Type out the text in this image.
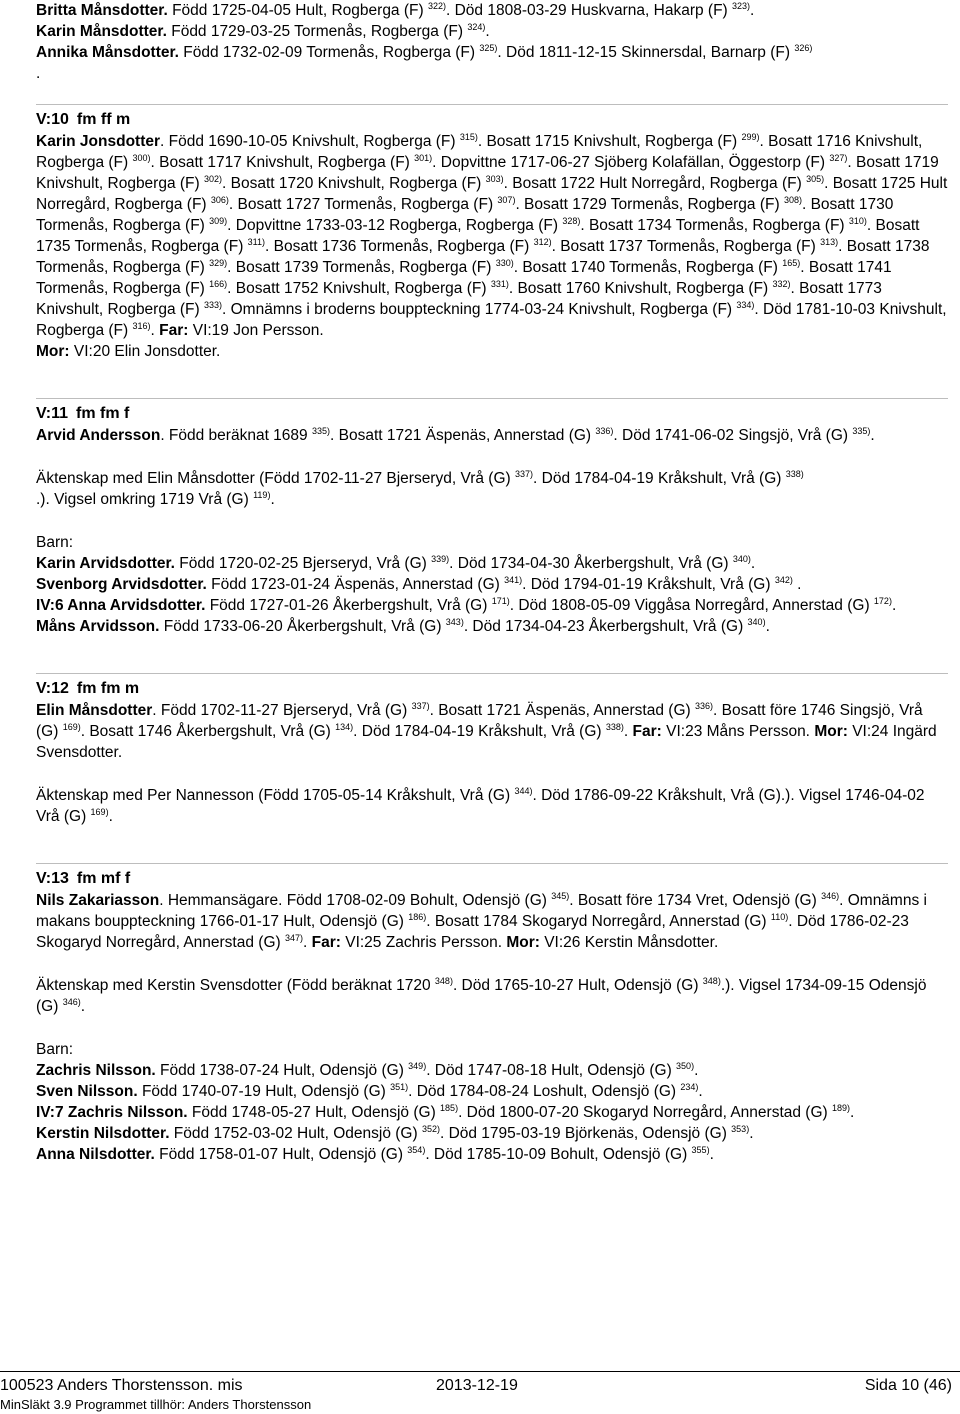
Britta Månsdotter. Född 1725-04-05 Hult, Rogberga (F) $^{322)}$. Död 1808-03-29 Huskvarna, Hakarp (F) $^{323)}$.

Karin Månsdotter. Född 1729-03-25 Tormenås, Rogberga (F) $^{324)}$.

Annika Månsdotter. Född 1732-02-09 Tormenås, Rogberga (F) $^{325)}$. Död 1811-12-15 Skinnersdal, Barnarp (F) $^{326)}$
.

V:10 fm ff m

Karin Jonsdotter. Född 1690-10-05 Knivshult, Rogberga (F) $^{315)}$. Bosatt 1715 Knivshult, Rogberga (F) $^{299)}$. Bosatt 1716 Knivshult, Rogberga (F) $^{300)}$. Bosatt 1717 Knivshult, Rogberga (F) $^{301)}$. Dopvittne 1717-06-27 Sjöberg Kolafällan, Öggestorp (F) $^{327)}$. Bosatt 1719 Knivshult, Rogberga (F) $^{302)}$. Bosatt 1720 Knivshult, Rogberga (F) $^{303)}$. Bosatt 1722 Hult Norregård, Rogberga (F) $^{305)}$. Bosatt 1725 Hult Norregård, Rogberga (F) $^{306)}$. Bosatt 1727 Tormenås, Rogberga (F) $^{307)}$. Bosatt 1729 Tormenås, Rogberga (F) $^{308)}$. Bosatt 1730 Tormenås, Rogberga (F) $^{309)}$. Dopvittne 1733-03-12 Rogberga, Rogberga (F) $^{328)}$. Bosatt 1734 Tormenås, Rogberga (F) $^{310)}$. Bosatt 1735 Tormenås, Rogberga (F) $^{311)}$. Bosatt 1736 Tormenås, Rogberga (F) $^{312)}$. Bosatt 1737 Tormenås, Rogberga (F) $^{313)}$. Bosatt 1738 Tormenås, Rogberga (F) $^{329)}$. Bosatt 1739 Tormenås, Rogberga (F) $^{330)}$. Bosatt 1740 Tormenås, Rogberga (F) $^{165)}$. Bosatt 1741 Tormenås, Rogberga (F) $^{166)}$. Bosatt 1752 Knivshult, Rogberga (F) $^{331)}$. Bosatt 1760 Knivshult, Rogberga (F) $^{332)}$. Bosatt 1773 Knivshult, Rogberga (F) $^{333)}$. Omnämns i broderns bouppteckning 1774-03-24 Knivshult, Rogberga (F) $^{334)}$. Död 1781-10-03 Knivshult, Rogberga (F) $^{316)}$. Far: VI:19 Jon Persson.
Mor: VI:20 Elin Jonsdotter.

V:11 fm fm f

Arvid Andersson. Född beräknat 1689 $^{335)}$. Bosatt 1721 Äspenäs, Annerstad (G) $^{336)}$. Död 1741-06-02 Singsjö, Vrå (G) $^{335)}$.

Äktenskap med Elin Månsdotter (Född 1702-11-27 Bjerseryd, Vrå (G) $^{337)}$. Död 1784-04-19 Kråkshult, Vrå (G) $^{338)}$
.). Vigsel omkring 1719 Vrå (G) $^{119)}$.

Barn:

Karin Arvidsdotter. Född 1720-02-25 Bjerseryd, Vrå (G) $^{339)}$. Död 1734-04-30 Åkerbergshult, Vrå (G) $^{340)}$.

Svenborg Arvidsdotter. Född 1723-01-24 Äspenäs, Annerstad (G) $^{341)}$. Död 1794-01-19 Kråkshult, Vrå (G) $^{342)}$ .

IV:6 Anna Arvidsdotter. Född 1727-01-26 Åkerbergshult, Vrå (G) $^{171)}$. Död 1808-05-09 Viggåsa Norregård, Annerstad (G) $^{172)}$.

Måns Arvidsson. Född 1733-06-20 Åkerbergshult, Vrå (G) $^{343)}$. Död 1734-04-23 Åkerbergshult, Vrå (G) $^{340)}$.

V:12 fm fm m

Elin Månsdotter. Född 1702-11-27 Bjerseryd, Vrå (G) $^{337)}$. Bosatt 1721 Äspenäs, Annerstad (G) $^{336)}$. Bosatt före 1746 Singsjö, Vrå (G) $^{169)}$. Bosatt 1746 Åkerbergshult, Vrå (G) $^{134)}$. Död 1784-04-19 Kråkshult, Vrå (G) $^{338)}$. Far: VI:23 Måns Persson. Mor: VI:24 Ingärd Svensdotter.

Äktenskap med Per Nannesson (Född 1705-05-14 Kråkshult, Vrå (G) $^{344)}$. Död 1786-09-22 Kråkshult, Vrå (G).). Vigsel 1746-04-02 Vrå (G) $^{169)}$.

V:13 fm mf f

Nils Zakariasson. Hemmansägare. Född 1708-02-09 Bohult, Odensjö (G) $^{345)}$. Bosatt före 1734 Vret, Odensjö (G) $^{346)}$. Omnämns i makans bouppteckning 1766-01-17 Hult, Odensjö (G) $^{186)}$. Bosatt 1784 Skogaryd Norregård, Annerstad (G) $^{110)}$. Död 1786-02-23 Skogaryd Norregård, Annerstad (G) $^{347)}$. Far: VI:25 Zachris Persson. Mor: VI:26 Kerstin Månsdotter.

Äktenskap med Kerstin Svensdotter (Född beräknat 1720 $^{348)}$. Död 1765-10-27 Hult, Odensjö (G) $^{348)}$.). Vigsel 1734-09-15 Odensjö (G) $^{346)}$.

Barn:

Zachris Nilsson. Född 1738-07-24 Hult, Odensjö (G) $^{349)}$. Död 1747-08-18 Hult, Odensjö (G) $^{350)}$.

Sven Nilsson. Född 1740-07-19 Hult, Odensjö (G) $^{351)}$. Död 1784-08-24 Loshult, Odensjö (G) $^{234)}$.

IV:7 Zachris Nilsson. Född 1748-05-27 Hult, Odensjö (G) $^{185)}$. Död 1800-07-20 Skogaryd Norregård, Annerstad (G) $^{189)}$.

Kerstin Nilsdotter. Född 1752-03-02 Hult, Odensjö (G) $^{352)}$. Död 1795-03-19 Björkenäs, Odensjö (G) $^{353)}$.

Anna Nilsdotter. Född 1758-01-07 Hult, Odensjö (G) $^{354)}$. Död 1785-10-09 Bohult, Odensjö (G) $^{355)}$.

100523 Anders Thorstensson. mis	2013-12-19	Sida 10 (46)
MinSläkt 3.9 Programmet tillhör: Anders Thorstensson
